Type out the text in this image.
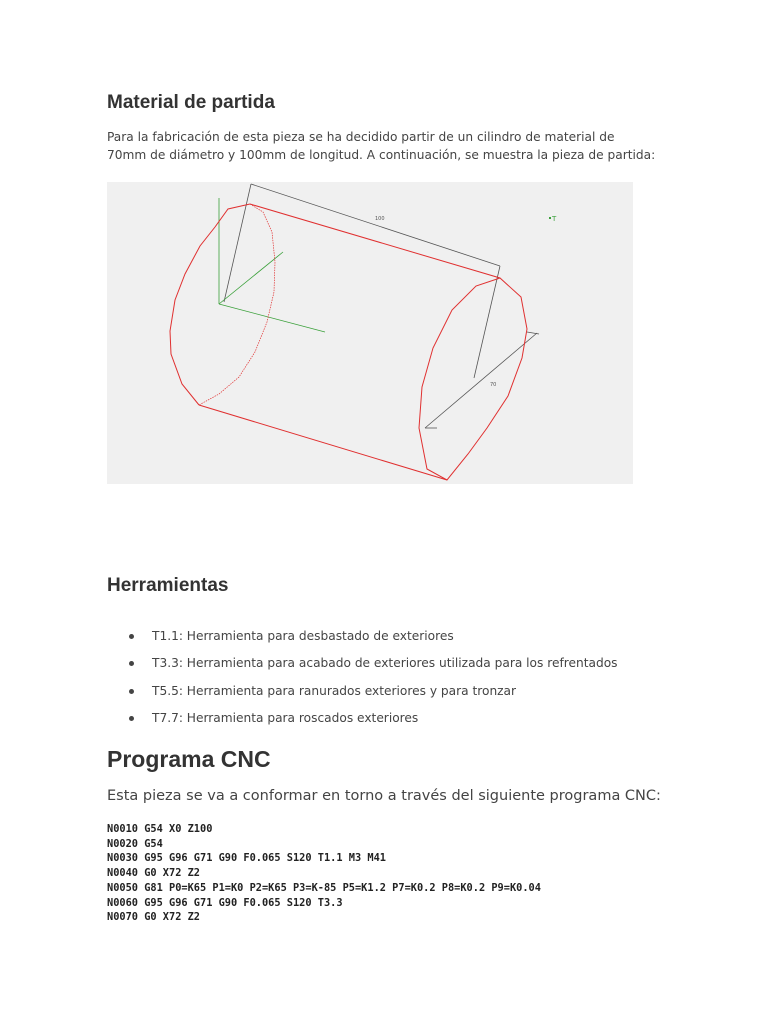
Material de partida

Para la fabricación de esta pieza se ha decidido partir de un cilindro de material de 70mm de diámetro y 100mm de longitud. A continuación, se muestra la pieza de partida:

100
70
T
Herramientas
T1.1: Herramienta para desbastado de exteriores
T3.3: Herramienta para acabado de exteriores utilizada para los refrentados
T5.5: Herramienta para ranurados exteriores y para tronzar
T7.7: Herramienta para roscados exteriores
Programa CNC

Esta pieza se va a conformar en torno a través del siguiente programa CNC:

N0010 G54 X0 Z100
N0020 G54
N0030 G95 G96 G71 G90 F0.065 S120 T1.1 M3 M41
N0040 G0 X72 Z2
N0050 G81 P0=K65 P1=K0 P2=K65 P3=K-85 P5=K1.2 P7=K0.2 P8=K0.2 P9=K0.04
N0060 G95 G96 G71 G90 F0.065 S120 T3.3
N0070 G0 X72 Z2
